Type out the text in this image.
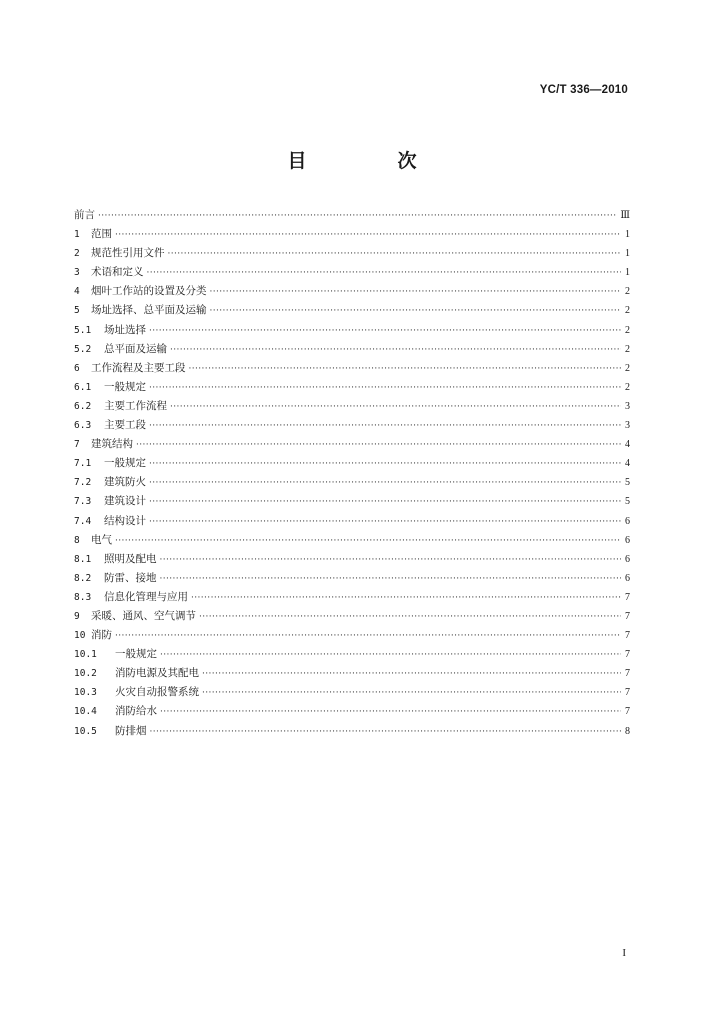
YC/T 336—2010
目　次
前言 ·····	Ⅲ
1	范围 ·····	1
2	规范性引用文件 ·····	1
3	术语和定义 ·····	1
4	烟叶工作站的设置及分类 ·····	2
5	场址选择、总平面及运输 ·····	2
5.1	场址选择 ·····	2
5.2	总平面及运输 ·····	2
6	工作流程及主要工段 ·····	2
6.1	一般规定 ·····	2
6.2	主要工作流程 ·····	3
6.3	主要工段 ·····	3
7	建筑结构 ·····	4
7.1	一般规定 ·····	4
7.2	建筑防火 ·····	5
7.3	建筑设计 ·····	5
7.4	结构设计 ·····	6
8	电气 ·····	6
8.1	照明及配电 ·····	6
8.2	防雷、接地 ·····	6
8.3	信息化管理与应用 ·····	7
9	采暖、通风、空气调节 ·····	7
10 消防 ·····	7
10.1	一般规定 ·····	7
10.2	消防电源及其配电 ·····	7
10.3	火灾自动报警系统 ·····	7
10.4	消防给水 ·····	7
10.5	防排烟 ·····	8
I
